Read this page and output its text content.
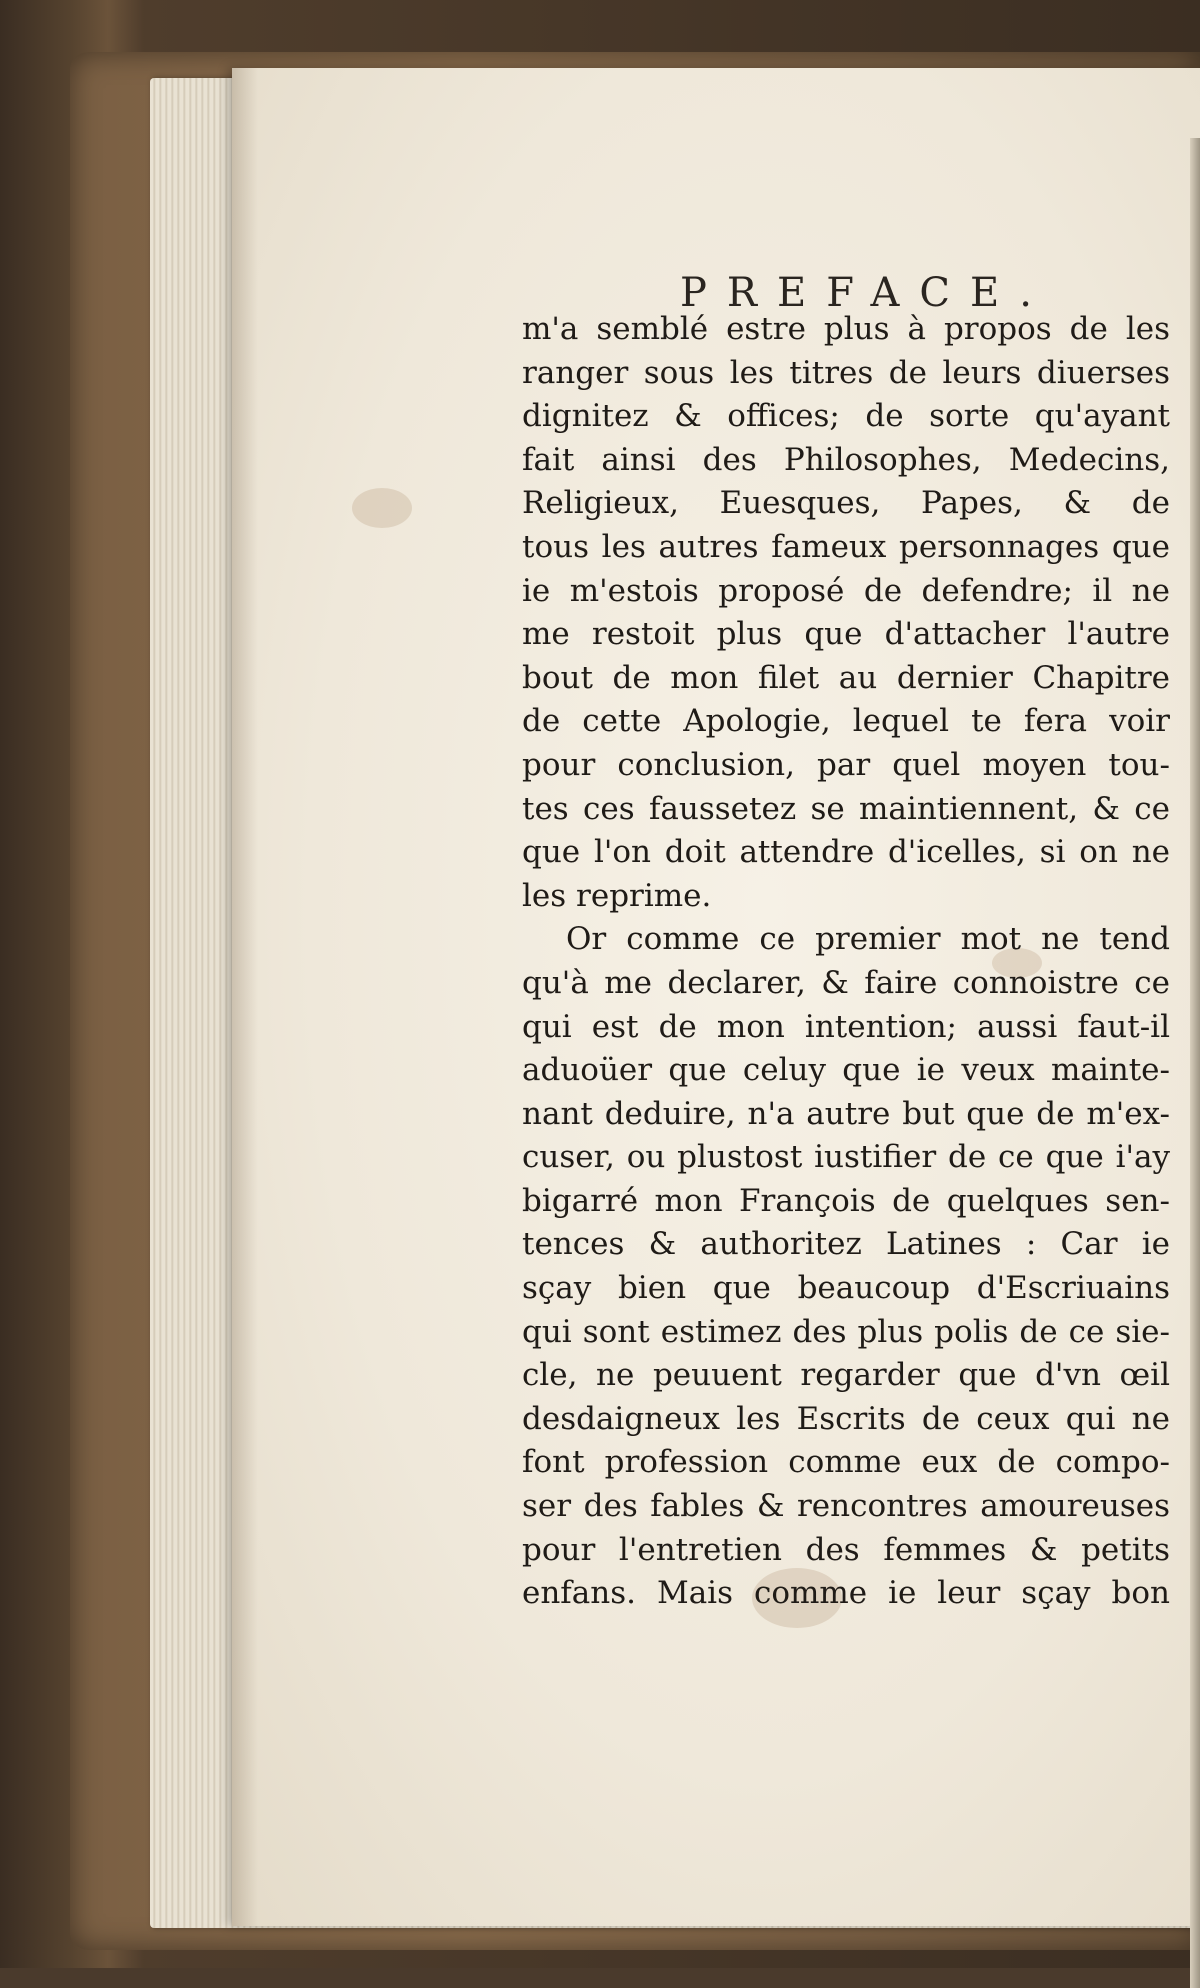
PREFACE.
m'a semblé estre plus à propos de les
ranger sous les titres de leurs diuerses
dignitez & offices; de sorte qu'ayant
fait ainsi des Philosophes, Medecins,
Religieux, Euesques, Papes, & de
tous les autres fameux personnages que
ie m'estois proposé de defendre; il ne
me restoit plus que d'attacher l'autre
bout de mon filet au dernier Chapitre
de cette Apologie, lequel te fera voir
pour conclusion, par quel moyen tou-
tes ces faussetez se maintiennent, & ce
que l'on doit attendre d'icelles, si on ne
les reprime.
Or comme ce premier mot ne tend
qu'à me declarer, & faire connoistre ce
qui est de mon intention; aussi faut-il
aduoüer que celuy que ie veux mainte-
nant deduire, n'a autre but que de m'ex-
cuser, ou plustost iustifier de ce que i'ay
bigarré mon François de quelques sen-
tences & authoritez Latines : Car ie
sçay bien que beaucoup d'Escriuains
qui sont estimez des plus polis de ce sie-
cle, ne peuuent regarder que d'vn œil
desdaigneux les Escrits de ceux qui ne
font profession comme eux de compo-
ser des fables & rencontres amoureuses
pour l'entretien des femmes & petits
enfans. Mais comme ie leur sçay bon
